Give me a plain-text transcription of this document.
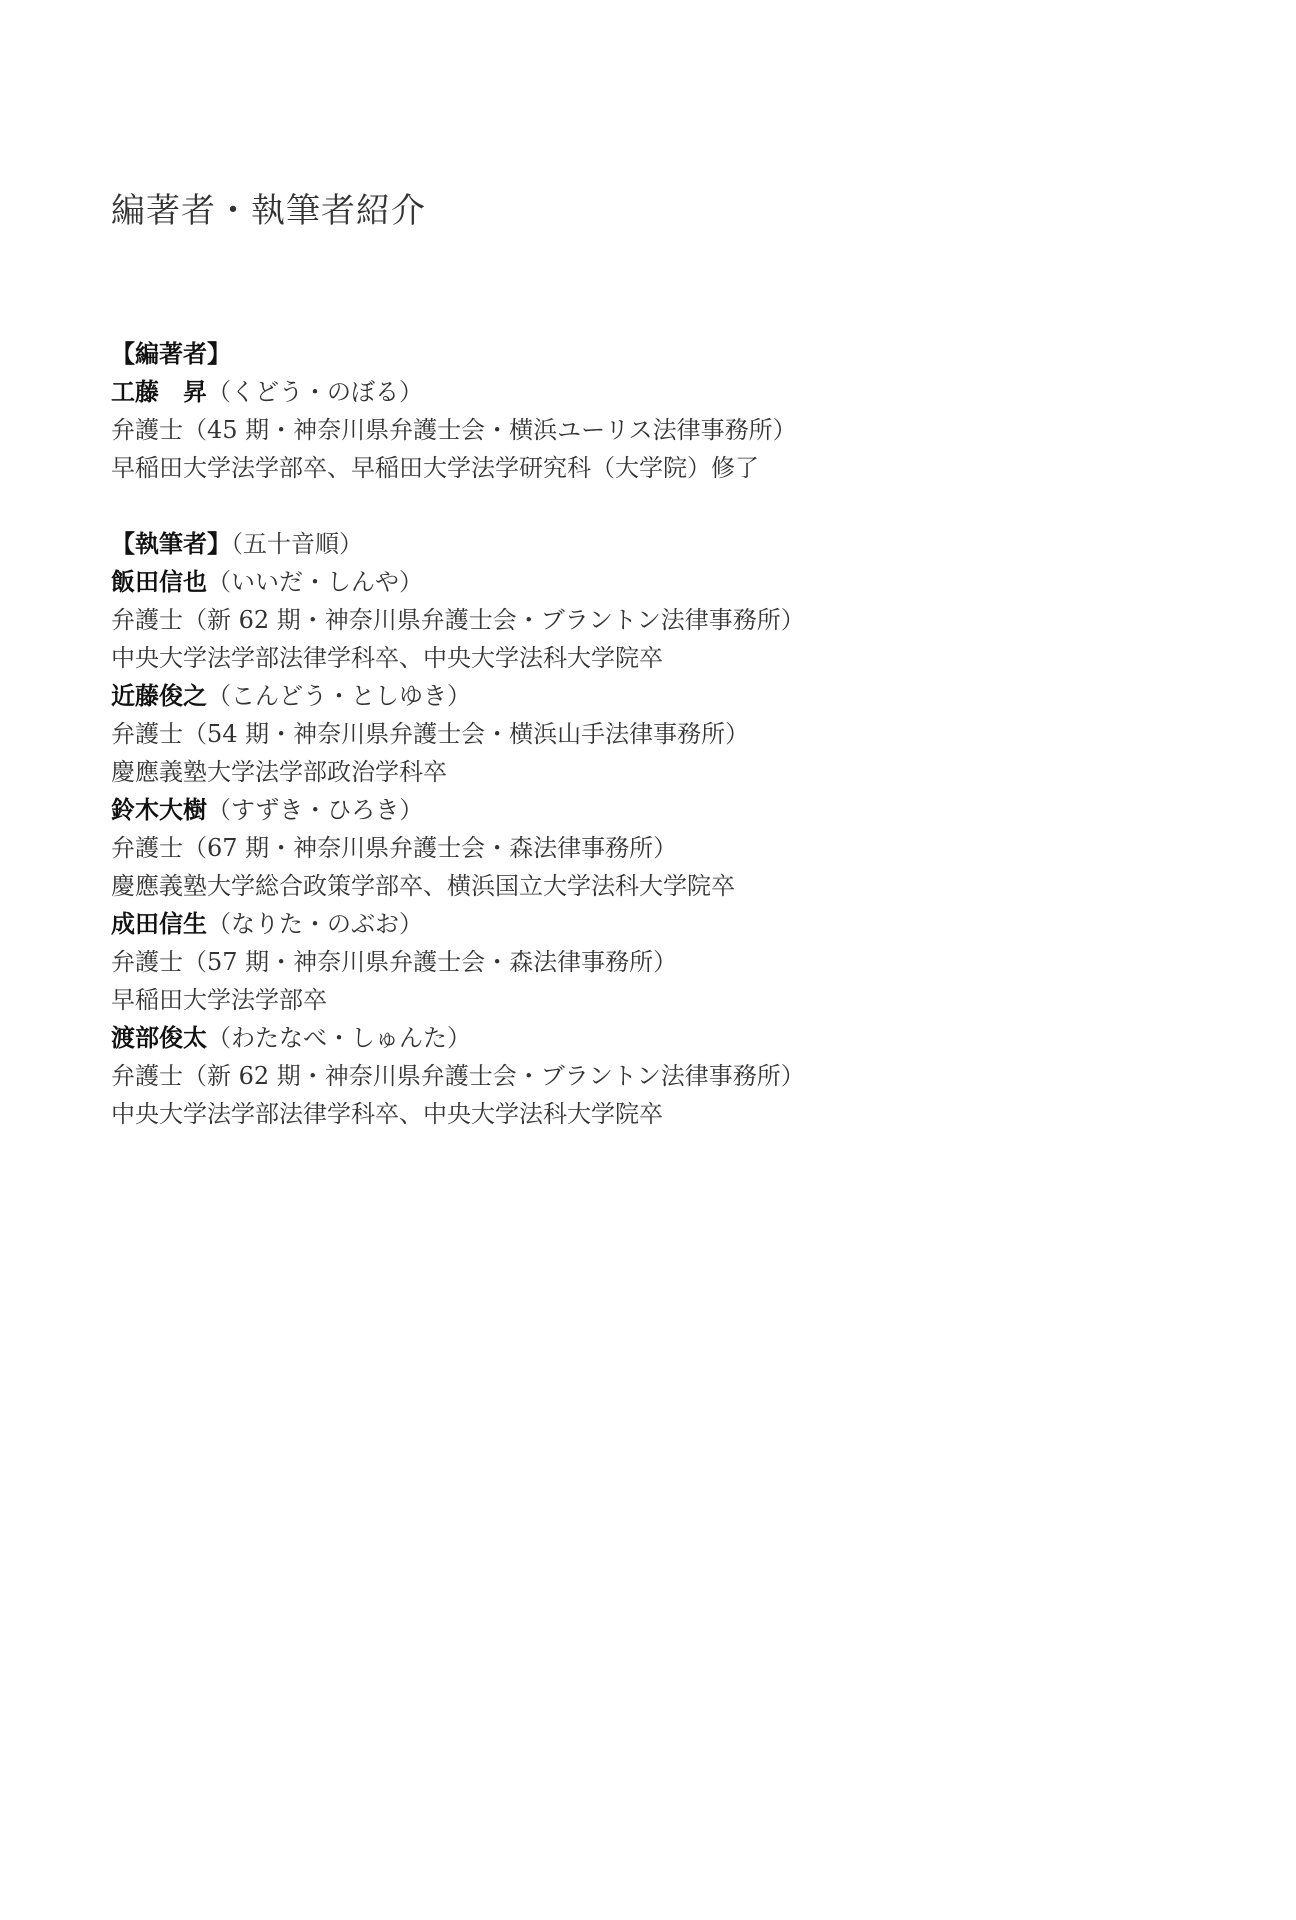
編著者・執筆者紹介
【編著者】
工藤　昇（くどう・のぼる）
弁護士（45 期・神奈川県弁護士会・横浜ユーリス法律事務所）
早稲田大学法学部卒、早稲田大学法学研究科（大学院）修了
【執筆者】（五十音順）
飯田信也（いいだ・しんや）
弁護士（新 62 期・神奈川県弁護士会・ブラントン法律事務所）
中央大学法学部法律学科卒、中央大学法科大学院卒
近藤俊之（こんどう・としゆき）
弁護士（54 期・神奈川県弁護士会・横浜山手法律事務所）
慶應義塾大学法学部政治学科卒
鈴木大樹（すずき・ひろき）
弁護士（67 期・神奈川県弁護士会・森法律事務所）
慶應義塾大学総合政策学部卒、横浜国立大学法科大学院卒
成田信生（なりた・のぶお）
弁護士（57 期・神奈川県弁護士会・森法律事務所）
早稲田大学法学部卒
渡部俊太（わたなべ・しゅんた）
弁護士（新 62 期・神奈川県弁護士会・ブラントン法律事務所）
中央大学法学部法律学科卒、中央大学法科大学院卒
